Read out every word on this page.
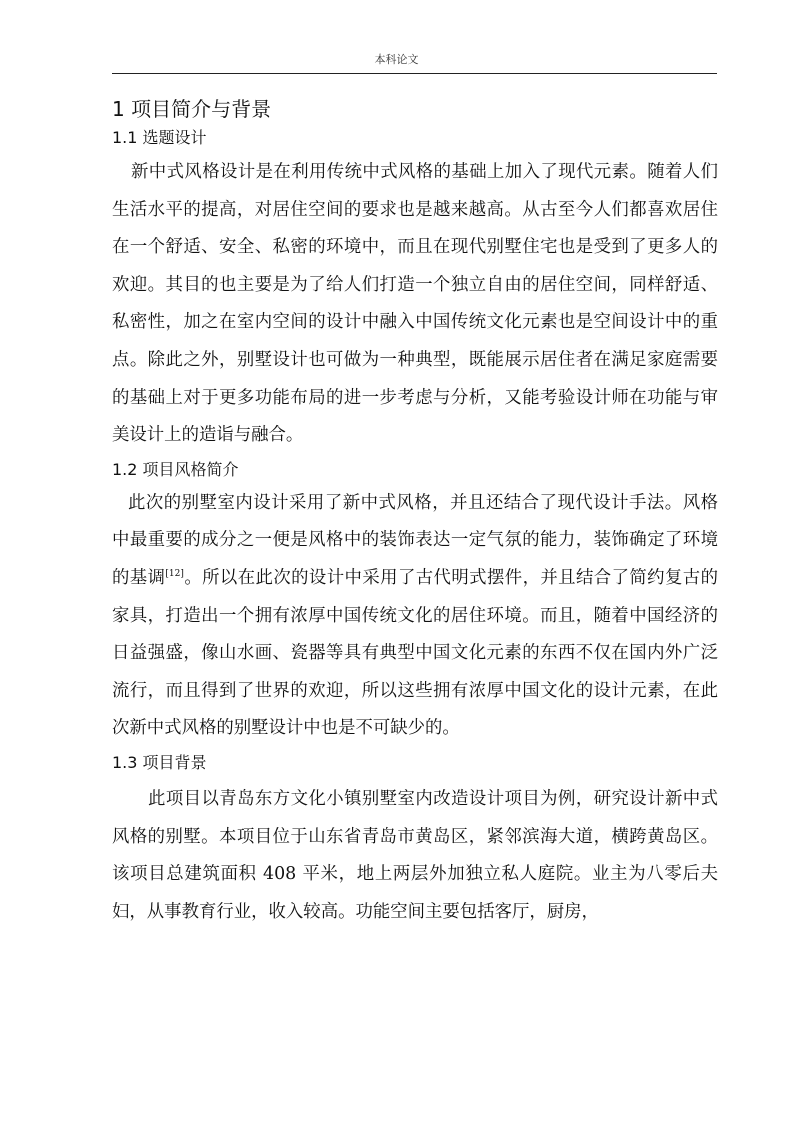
本科论文
1 项目简介与背景
1.1 选题设计

新中式风格设计是在利用传统中式风格的基础上加入了现代元素。随着人们生活水平的提高，对居住空间的要求也是越来越高。从古至今人们都喜欢居住在一个舒适、安全、私密的环境中，而且在现代别墅住宅也是受到了更多人的欢迎。其目的也主要是为了给人们打造一个独立自由的居住空间，同样舒适、私密性，加之在室内空间的设计中融入中国传统文化元素也是空间设计中的重点。除此之外，别墅设计也可做为一种典型，既能展示居住者在满足家庭需要的基础上对于更多功能布局的进一步考虑与分析，又能考验设计师在功能与审美设计上的造诣与融合。

1.2 项目风格简介

此次的别墅室内设计采用了新中式风格，并且还结合了现代设计手法。风格中最重要的成分之一便是风格中的装饰表达一定气氛的能力，装饰确定了环境的基调[12]。所以在此次的设计中采用了古代明式摆件，并且结合了简约复古的家具，打造出一个拥有浓厚中国传统文化的居住环境。而且，随着中国经济的日益强盛，像山水画、瓷器等具有典型中国文化元素的东西不仅在国内外广泛流行，而且得到了世界的欢迎，所以这些拥有浓厚中国文化的设计元素，在此次新中式风格的别墅设计中也是不可缺少的。

1.3 项目背景

此项目以青岛东方文化小镇别墅室内改造设计项目为例，研究设计新中式风格的别墅。本项目位于山东省青岛市黄岛区，紧邻滨海大道，横跨黄岛区。该项目总建筑面积 408 平米，地上两层外加独立私人庭院。业主为八零后夫妇，从事教育行业，收入较高。功能空间主要包括客厅，厨房，
